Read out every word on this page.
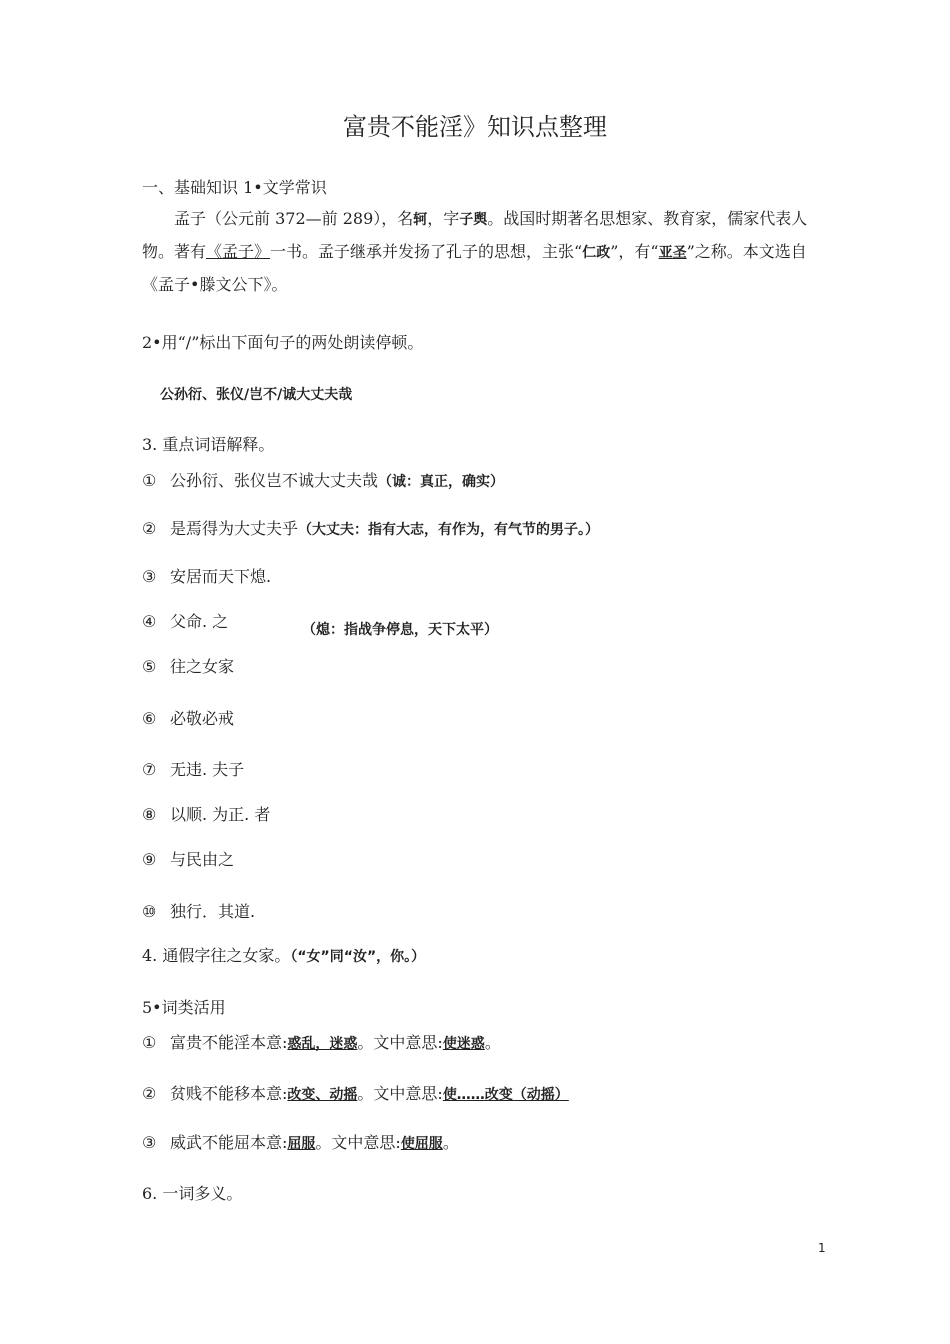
富贵不能淫》知识点整理
一、基础知识 1•文学常识
孟子（公元前 372—前 289），名轲，字子舆。战国时期著名思想家、教育家，儒家代表人物。著有《孟子》一书。孟子继承并发扬了孔子的思想，主张“仁政”，有“亚圣”之称。本文选自《孟子•滕文公下》。
2•用“/”标出下面句子的两处朗读停顿。
公孙衍、张仪/岂不/诚大丈夫哉
3. 重点词语解释。
① 公孙衍、张仪岂不诚大丈夫哉（诚：真正，确实）
② 是焉得为大丈夫乎（大丈夫：指有大志，有作为，有气节的男子。）
③ 安居而天下熄.
④ 父命. 之	（熄：指战争停息，天下太平）
⑤ 往之女家
⑥ 必敬必戒
⑦ 无违. 夫子
⑧ 以顺. 为正. 者
⑨ 与民由之
⑩ 独行．其道.
4. 通假字往之女家。（“女”同“汝”，你。）
5•词类活用
① 富贵不能淫本意:惑乱，迷惑。文中意思:使迷惑。
② 贫贱不能移本意:改变、动摇。文中意思:使……改变（动摇）
③ 威武不能屈本意:屈服。文中意思:使屈服。
6. 一词多义。
1
